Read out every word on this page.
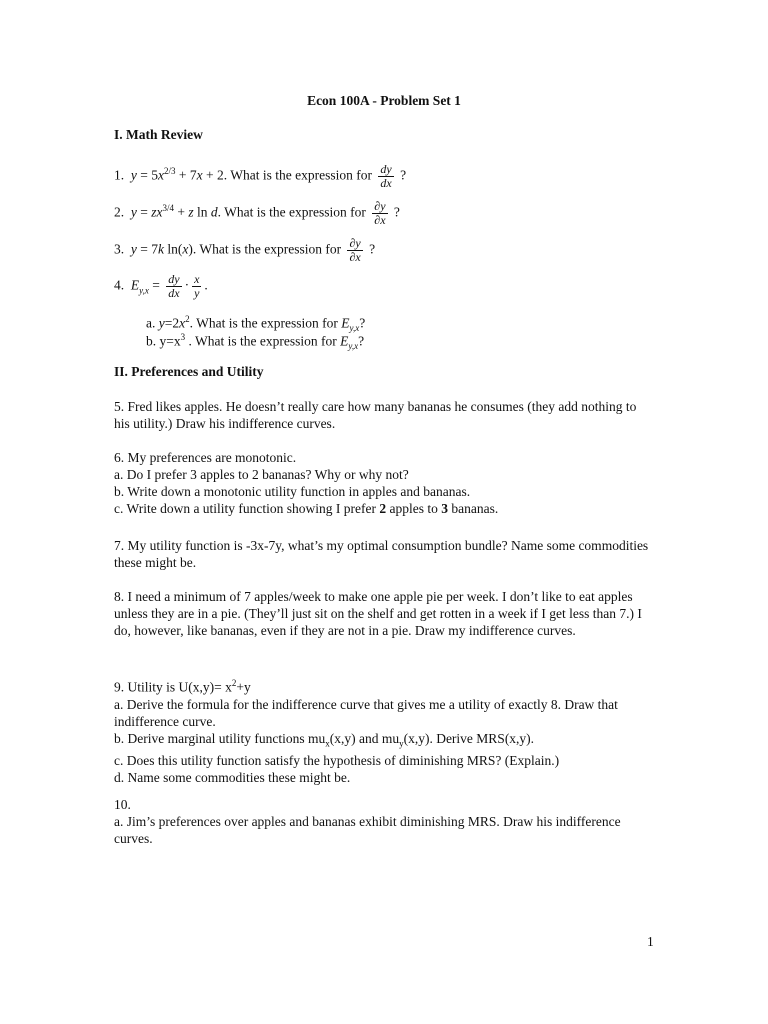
Econ 100A - Problem Set 1
I. Math Review
1. $y = 5x^{2/3} + 7x + 2$. What is the expression for $\frac{dy}{dx}$ ?
2. $y = zx^{3/4} + z$ ln d. What is the expression for $\frac{\partial y}{\partial x}$ ?
3. y = 7k ln(x). What is the expression for $\frac{\partial y}{\partial x}$ ?
4. $E_{y,x} = \frac{dy}{dx} \cdot \frac{x}{y}$ .
a. $y=2x^2$. What is the expression for $E_{y,x}$?
b. $y=x^3$ . What is the expression for $E_{y,x}$?
II. Preferences and Utility
5. Fred likes apples. He doesn’t really care how many bananas he consumes (they add nothing to his utility.) Draw his indifference curves.

6. My preferences are monotonic.

a. Do I prefer 3 apples to 2 bananas? Why or why not?

b. Write down a monotonic utility function in apples and bananas.

c. Write down a utility function showing I prefer 2 apples to 3 bananas.

7. My utility function is -3x-7y, what’s my optimal consumption bundle? Name some commodities these might be.
8. I need a minimum of 7 apples/week to make one apple pie per week. I don’t like to eat apples unless they are in a pie. (They’ll just sit on the shelf and get rotten in a week if I get less than 7.) I do, however, like bananas, even if they are not in a pie. Draw my indifference curves.

9. Utility is $U(x,y)= x^2+y$

a. Derive the formula for the indifference curve that gives me a utility of exactly 8. Draw that indifference curve.

b. Derive marginal utility functions $mu_x(x,y)$ and $mu_y(x,y)$. Derive MRS(x,y).

c. Does this utility function satisfy the hypothesis of diminishing MRS? (Explain.)

d. Name some commodities these might be.

10.

a. Jim’s preferences over apples and bananas exhibit diminishing MRS. Draw his indifference curves.

1
